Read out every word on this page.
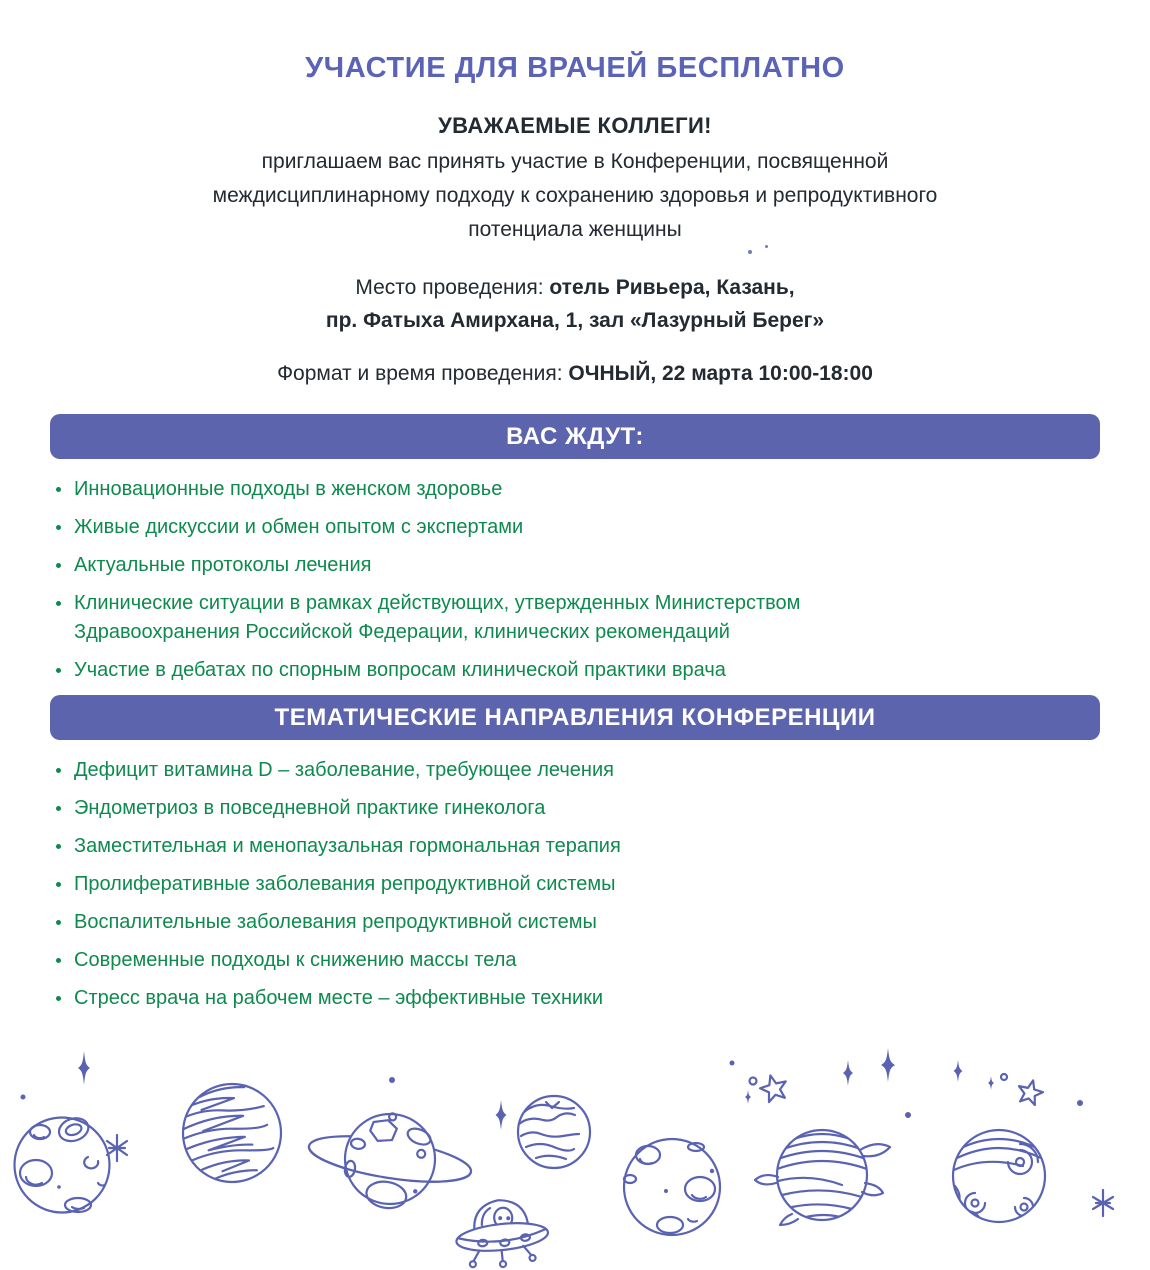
УЧАСТИЕ ДЛЯ ВРАЧЕЙ БЕСПЛАТНО
УВАЖАЕМЫЕ КОЛЛЕГИ!
приглашаем вас принять участие в Конференции, посвященной
междисциплинарному подходу к сохранению здоровья и репродуктивного
потенциала женщины
Место проведения: отель Ривьера, Казань,
пр. Фатыха Амирхана, 1, зал «Лазурный Берег»
Формат и время проведения: ОЧНЫЙ, 22 марта 10:00-18:00
ВАС ЖДУТ:
Инновационные подходы в женском здоровье
Живые дискуссии и обмен опытом с экспертами
Актуальные протоколы лечения
Клинические ситуации в рамках действующих, утвержденных Министерством Здравоохранения Российской Федерации, клинических рекомендаций
Участие в дебатах по спорным вопросам клинической практики врача
ТЕМАТИЧЕСКИЕ НАПРАВЛЕНИЯ КОНФЕРЕНЦИИ
Дефицит витамина D – заболевание, требующее лечения
Эндометриоз в повседневной практике гинеколога
Заместительная и менопаузальная гормональная терапия
Пролиферативные заболевания репродуктивной системы
Воспалительные заболевания репродуктивной системы
Современные подходы к снижению массы тела
Стресс врача на рабочем месте – эффективные техники
